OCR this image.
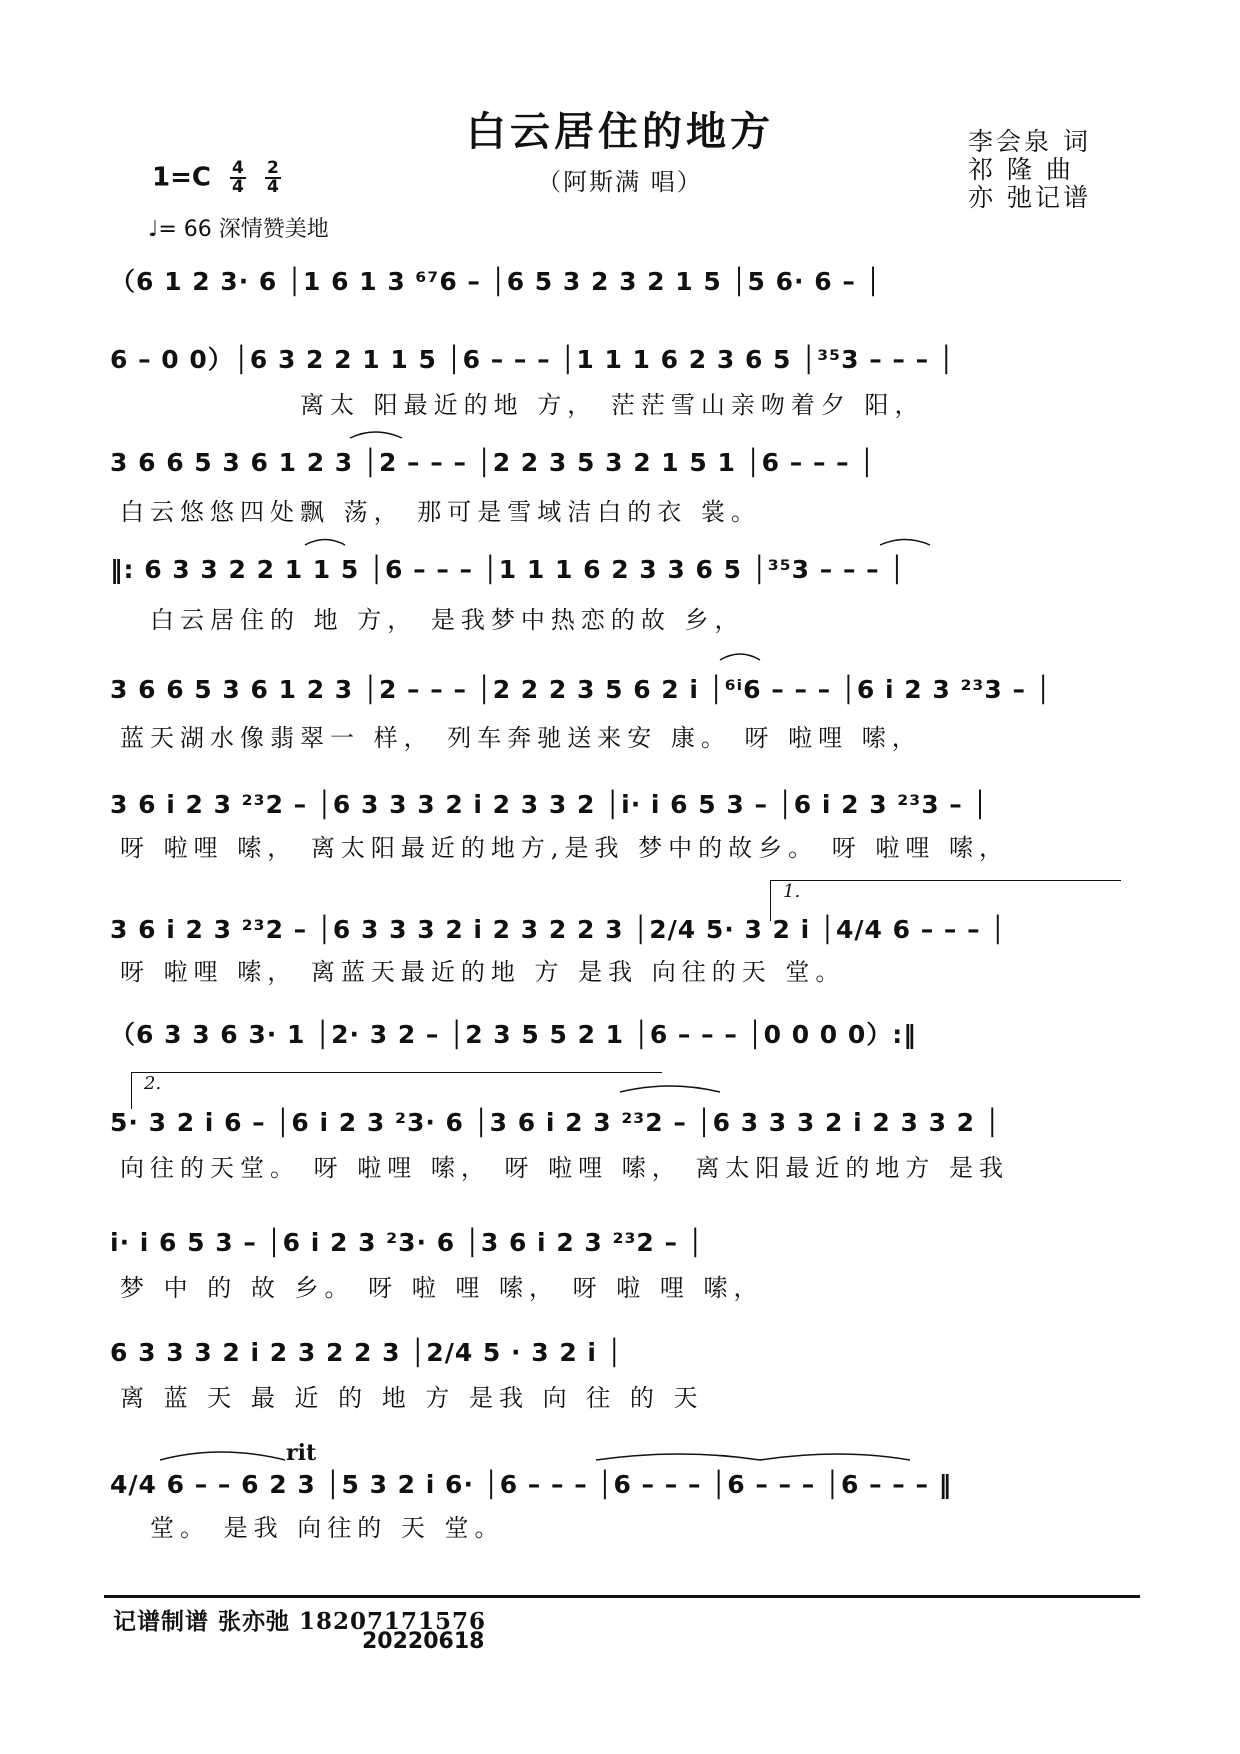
白云居住的地方
（阿斯满 唱）
李会泉 词
祁 隆 曲
亦 弛记谱
$1=C \frac{4}{4}$
$\frac{2}{4}$
♩= 66 深情赞美地
1.
2.
（6 1 2 3· 6 │1 6 1 3 ⁶⁷6 – │6 5 3 2 3 2 1 5 │5 6· 6 – │
6 – 0 0）│6 3 2 2 1 1 5 │6 – – – │1 1 1 6 2 3 6 5 │³⁵3 – – – │
离太 阳最近的地 方， 茫茫雪山亲吻着夕 阳，
3 6 6 5 3 6 1 2 3 │2 – – – │2 2 3 5 3 2 1 5 1 │6 – – – │
白云悠悠四处飘 荡， 那可是雪域洁白的衣 裳。
‖: 6 3 3 2 2 1 1 5 │6 – – – │1 1 1 6 2 3 3 6 5 │³⁵3 – – – │
白云居住的 地 方， 是我梦中热恋的故 乡，
3 6 6 5 3 6 1 2 3 │2 – – – │2 2 2 3 5 6 2 i │⁶ⁱ6 – – – │6 i 2 3 ²³3 – │
蓝天湖水像翡翠一 样， 列车奔驰送来安 康。 呀 啦哩 嗦，
3 6 i 2 3 ²³2 – │6 3 3 3 2 i 2 3 3 2 │i· i 6 5 3 – │6 i 2 3 ²³3 – │
呀 啦哩 嗦， 离太阳最近的地方,是我 梦中的故乡。 呀 啦哩 嗦，
3 6 i 2 3 ²³2 – │6 3 3 3 2 i 2 3 2 2 3 │2/4 5· 3 2 i │4/4 6 – – – │
呀 啦哩 嗦， 离蓝天最近的地 方 是我 向往的天 堂。
（6 3 3 6 3· 1 │2· 3 2 – │2 3 5 5 2 1 │6 – – – │0 0 0 0）:‖
5· 3 2 i 6 – │6 i 2 3 ²3· 6 │3 6 i 2 3 ²³2 – │6 3 3 3 2 i 2 3 3 2 │
向往的天堂。 呀 啦哩 嗦， 呀 啦哩 嗦， 离太阳最近的地方 是我
i· i 6 5 3 – │6 i 2 3 ²3· 6 │3 6 i 2 3 ²³2 – │
梦 中 的 故 乡。 呀 啦 哩 嗦， 呀 啦 哩 嗦，
6 3 3 3 2 i 2 3 2 2 3 │2/4 5 · 3 2 i │
离 蓝 天 最 近 的 地 方 是我 向 往 的 天
rit
4/4 6 – – 6 2 3 │5 3 2 i 6· │6 – – – │6 – – – │6 – – – │6 – – – ‖
堂。 是我 向往的 天 堂。
记谱制谱 张亦弛 18207171576
20220618
